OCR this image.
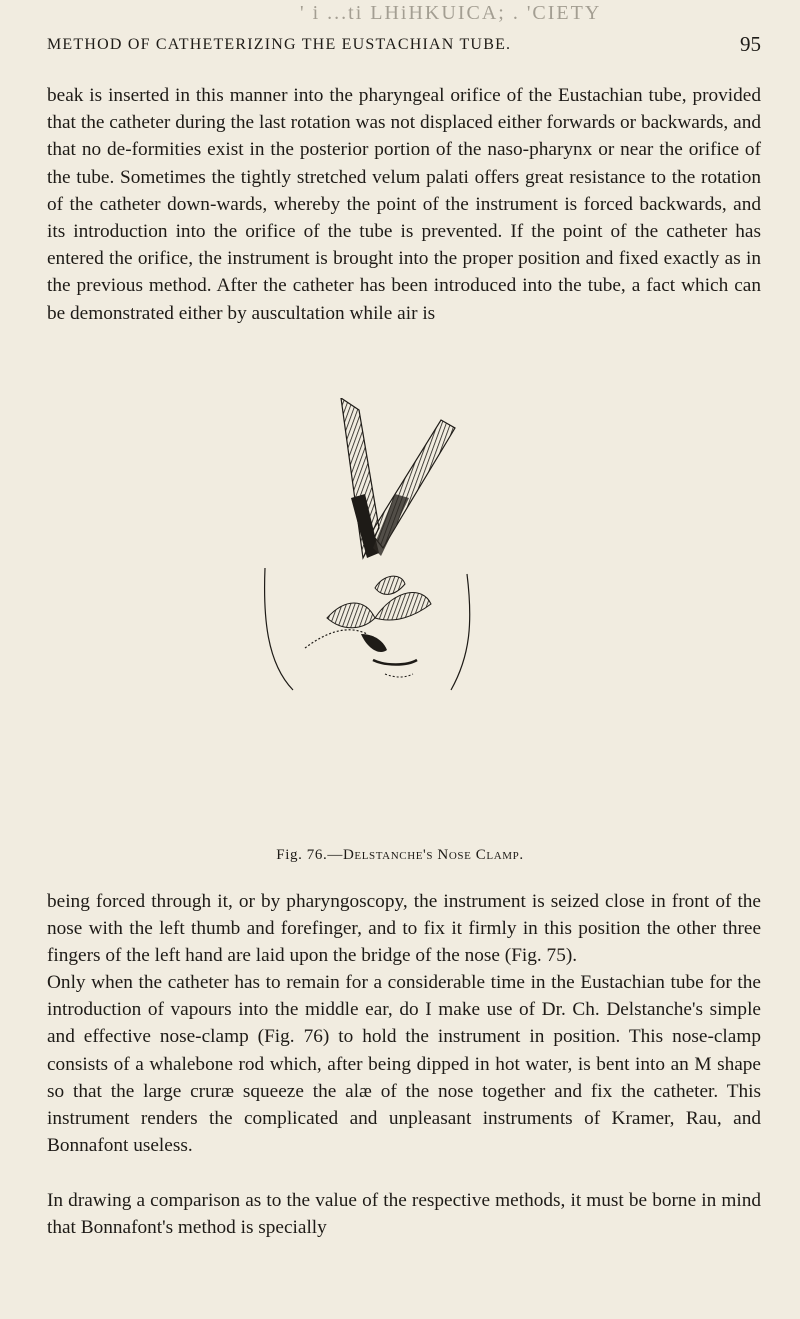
' i ...ti LHiHKUICA; . 'CIETY
METHOD OF CATHETERIZING THE EUSTACHIAN TUBE.	95

beak is inserted in this manner into the pharyngeal orifice of the Eustachian tube, provided that the catheter during the last rotation was not displaced either forwards or backwards, and that no de-formities exist in the posterior portion of the naso-pharynx or near the orifice of the tube. Sometimes the tightly stretched velum palati offers great resistance to the rotation of the catheter down-wards, whereby the point of the instrument is forced backwards, and its introduction into the orifice of the tube is prevented. If the point of the catheter has entered the orifice, the instrument is brought into the proper position and fixed exactly as in the previous method. After the catheter has been introduced into the tube, a fact which can be demonstrated either by auscultation while air is

Fig. 76.—Delstanche's Nose Clamp.

being forced through it, or by pharyngoscopy, the instrument is seized close in front of the nose with the left thumb and forefinger, and to fix it firmly in this position the other three fingers of the left hand are laid upon the bridge of the nose (Fig. 75).

Only when the catheter has to remain for a considerable time in the Eustachian tube for the introduction of vapours into the middle ear, do I make use of Dr. Ch. Delstanche's simple and effective nose-clamp (Fig. 76) to hold the instrument in position. This nose-clamp consists of a whalebone rod which, after being dipped in hot water, is bent into an M shape so that the large cruræ squeeze the alæ of the nose together and fix the catheter. This instrument renders the complicated and unpleasant instruments of Kramer, Rau, and Bonnafont useless.

In drawing a comparison as to the value of the respective methods, it must be borne in mind that Bonnafont's method is specially
